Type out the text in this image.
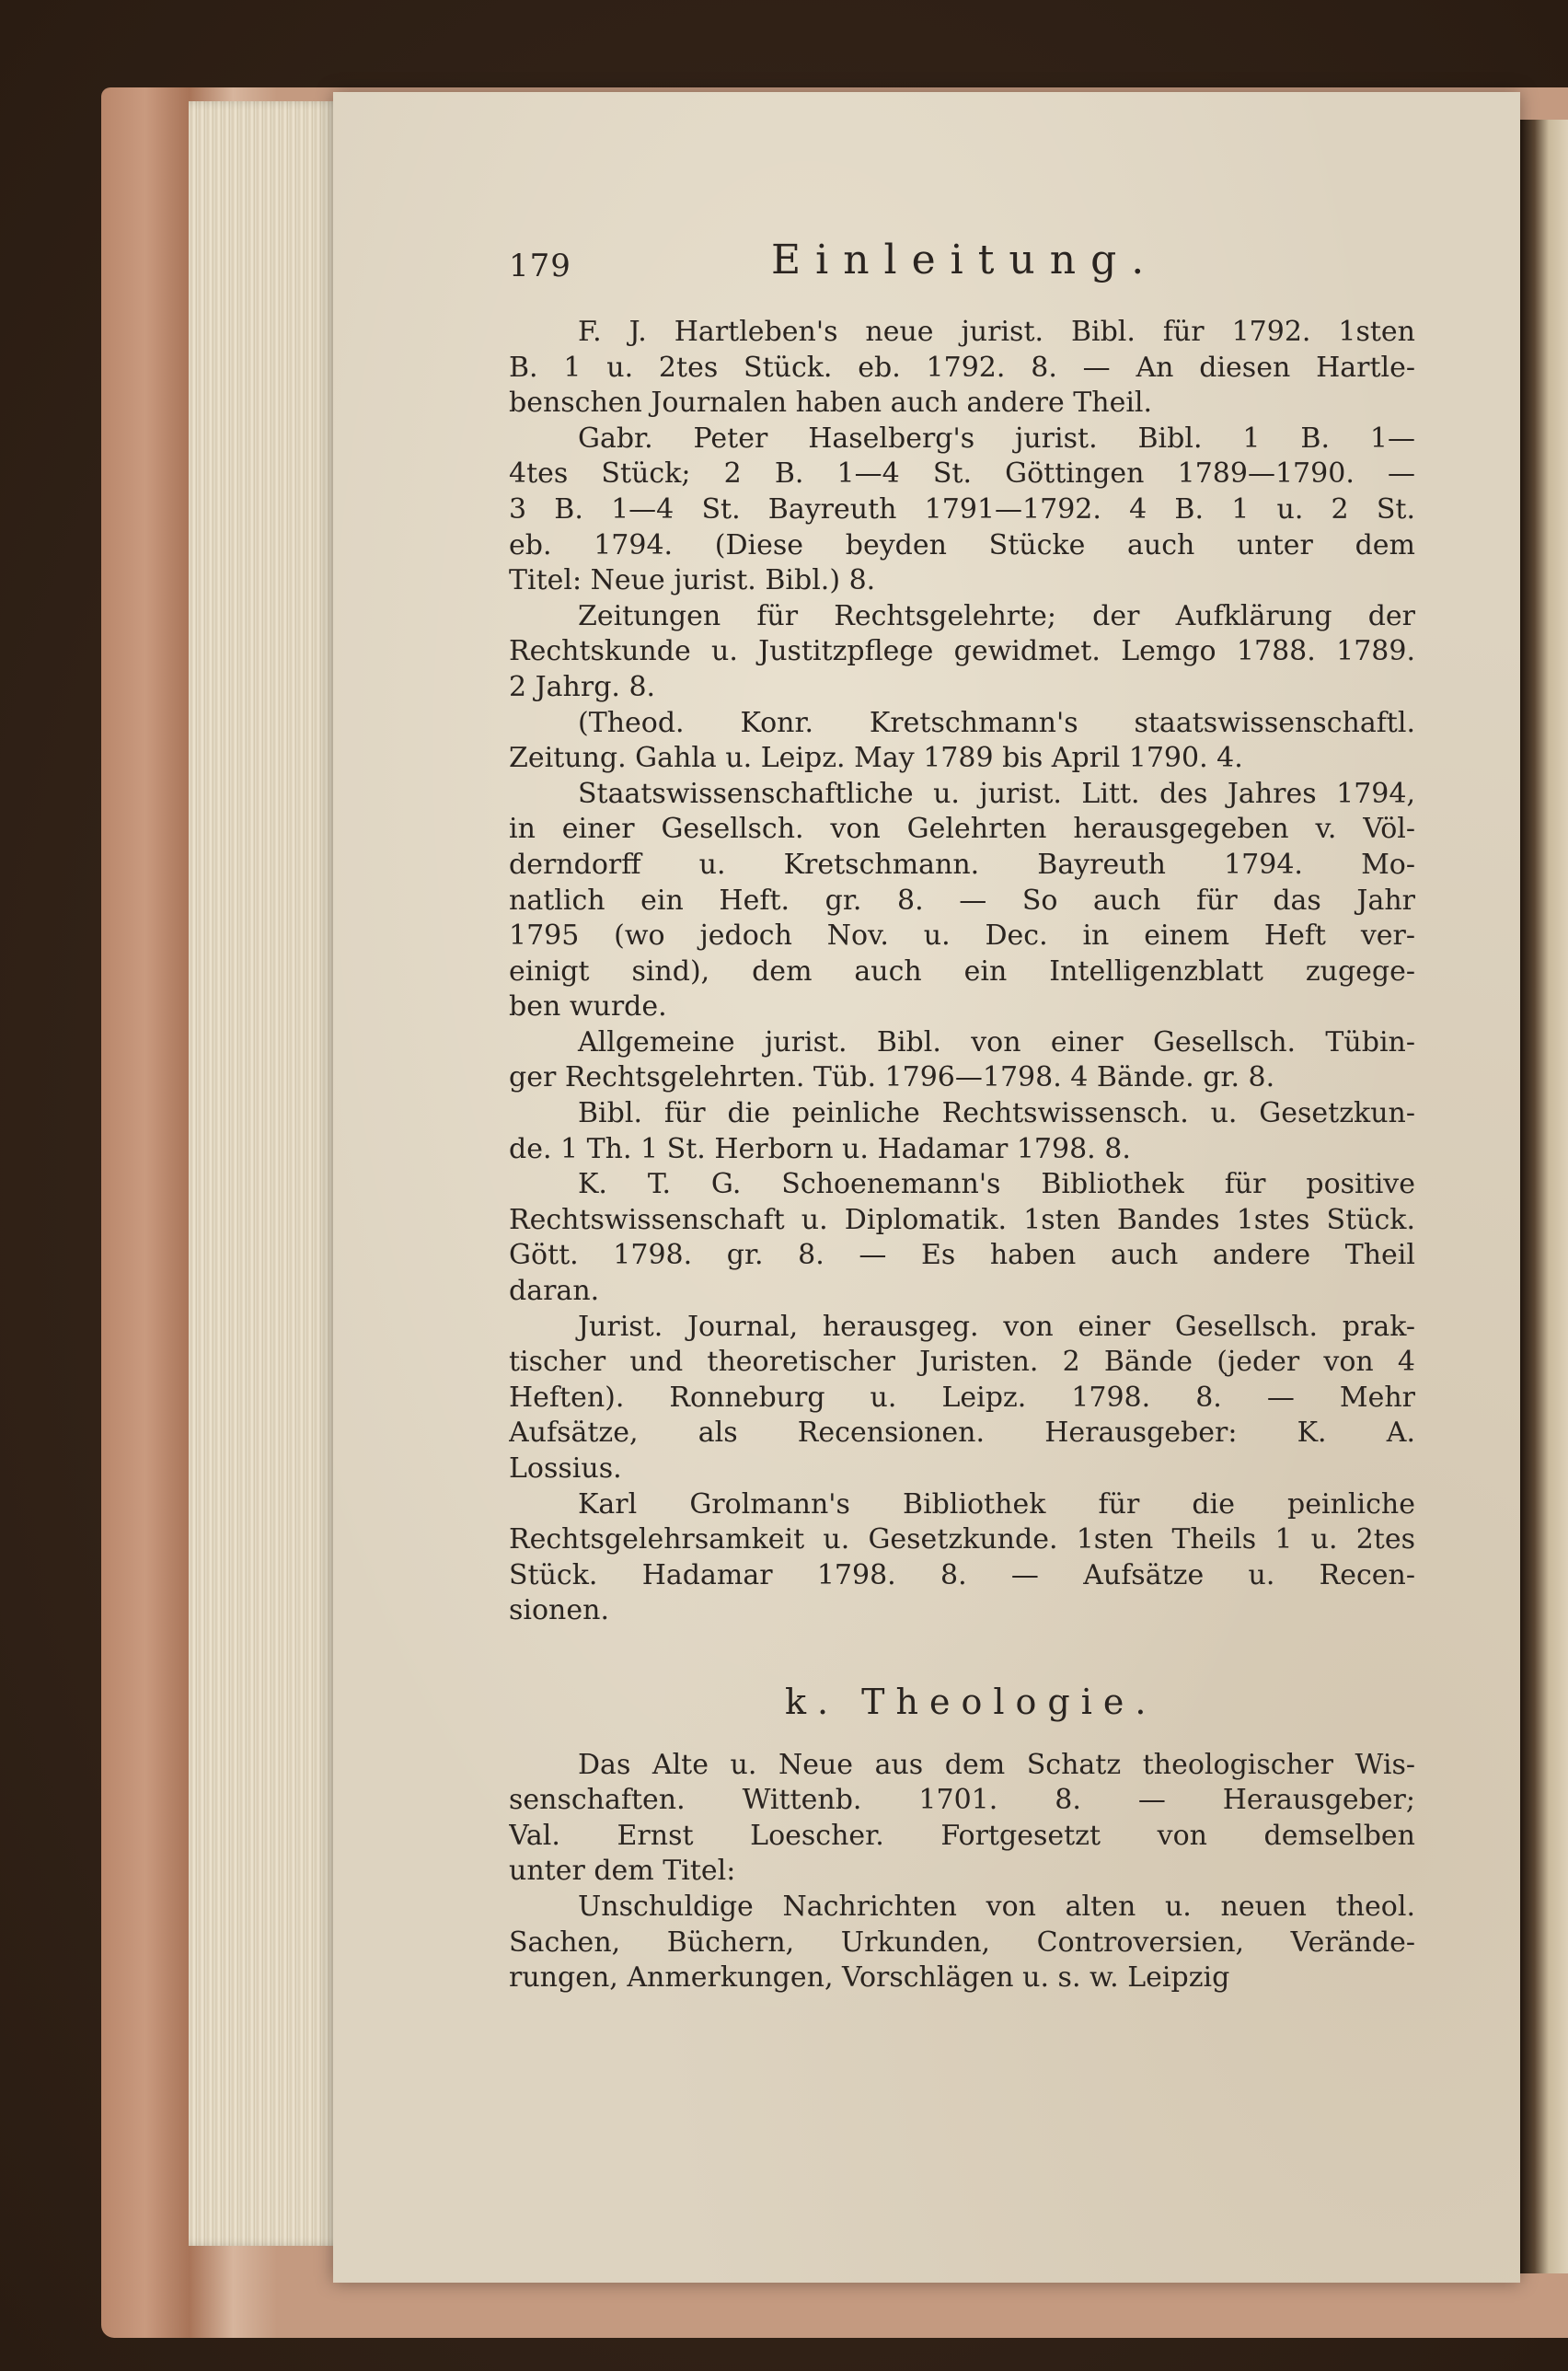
179	Einleitung.
F. J. Hartleben's neue jurist. Bibl. für 1792. 1sten
B. 1 u. 2tes Stück. eb. 1792. 8. — An diesen Hartle-
benschen Journalen haben auch andere Theil.
Gabr. Peter Haselberg's jurist. Bibl. 1 B. 1—
4tes Stück; 2 B. 1—4 St. Göttingen 1789—1790. —
3 B. 1—4 St. Bayreuth 1791—1792. 4 B. 1 u. 2 St.
eb. 1794. (Diese beyden Stücke auch unter dem
Titel: Neue jurist. Bibl.) 8.
Zeitungen für Rechtsgelehrte; der Aufklärung der
Rechtskunde u. Justitzpflege gewidmet. Lemgo 1788. 1789.
2 Jahrg. 8.
(Theod. Konr. Kretschmann's staatswissenschaftl.
Zeitung. Gahla u. Leipz. May 1789 bis April 1790. 4.
Staatswissenschaftliche u. jurist. Litt. des Jahres 1794,
in einer Gesellsch. von Gelehrten herausgegeben v. Völ-
derndorff u. Kretschmann. Bayreuth 1794. Mo-
natlich ein Heft. gr. 8. — So auch für das Jahr
1795 (wo jedoch Nov. u. Dec. in einem Heft ver-
einigt sind), dem auch ein Intelligenzblatt zugege-
ben wurde.
Allgemeine jurist. Bibl. von einer Gesellsch. Tübin-
ger Rechtsgelehrten. Tüb. 1796—1798. 4 Bände. gr. 8.
Bibl. für die peinliche Rechtswissensch. u. Gesetzkun-
de. 1 Th. 1 St. Herborn u. Hadamar 1798. 8.
K. T. G. Schoenemann's Bibliothek für positive
Rechtswissenschaft u. Diplomatik. 1sten Bandes 1stes Stück.
Gött. 1798. gr. 8. — Es haben auch andere Theil
daran.
Jurist. Journal, herausgeg. von einer Gesellsch. prak-
tischer und theoretischer Juristen. 2 Bände (jeder von 4
Heften). Ronneburg u. Leipz. 1798. 8. — Mehr
Aufsätze, als Recensionen. Herausgeber: K. A.
Lossius.
Karl Grolmann's Bibliothek für die peinliche
Rechtsgelehrsamkeit u. Gesetzkunde. 1sten Theils 1 u. 2tes
Stück. Hadamar 1798. 8. — Aufsätze u. Recen-
sionen.
k. Theologie.
Das Alte u. Neue aus dem Schatz theologischer Wis-
senschaften. Wittenb. 1701. 8. — Herausgeber;
Val. Ernst Loescher. Fortgesetzt von demselben
unter dem Titel:
Unschuldige Nachrichten von alten u. neuen theol.
Sachen, Büchern, Urkunden, Controversien, Verände-
rungen, Anmerkungen, Vorschlägen u. s. w. Leipzig
